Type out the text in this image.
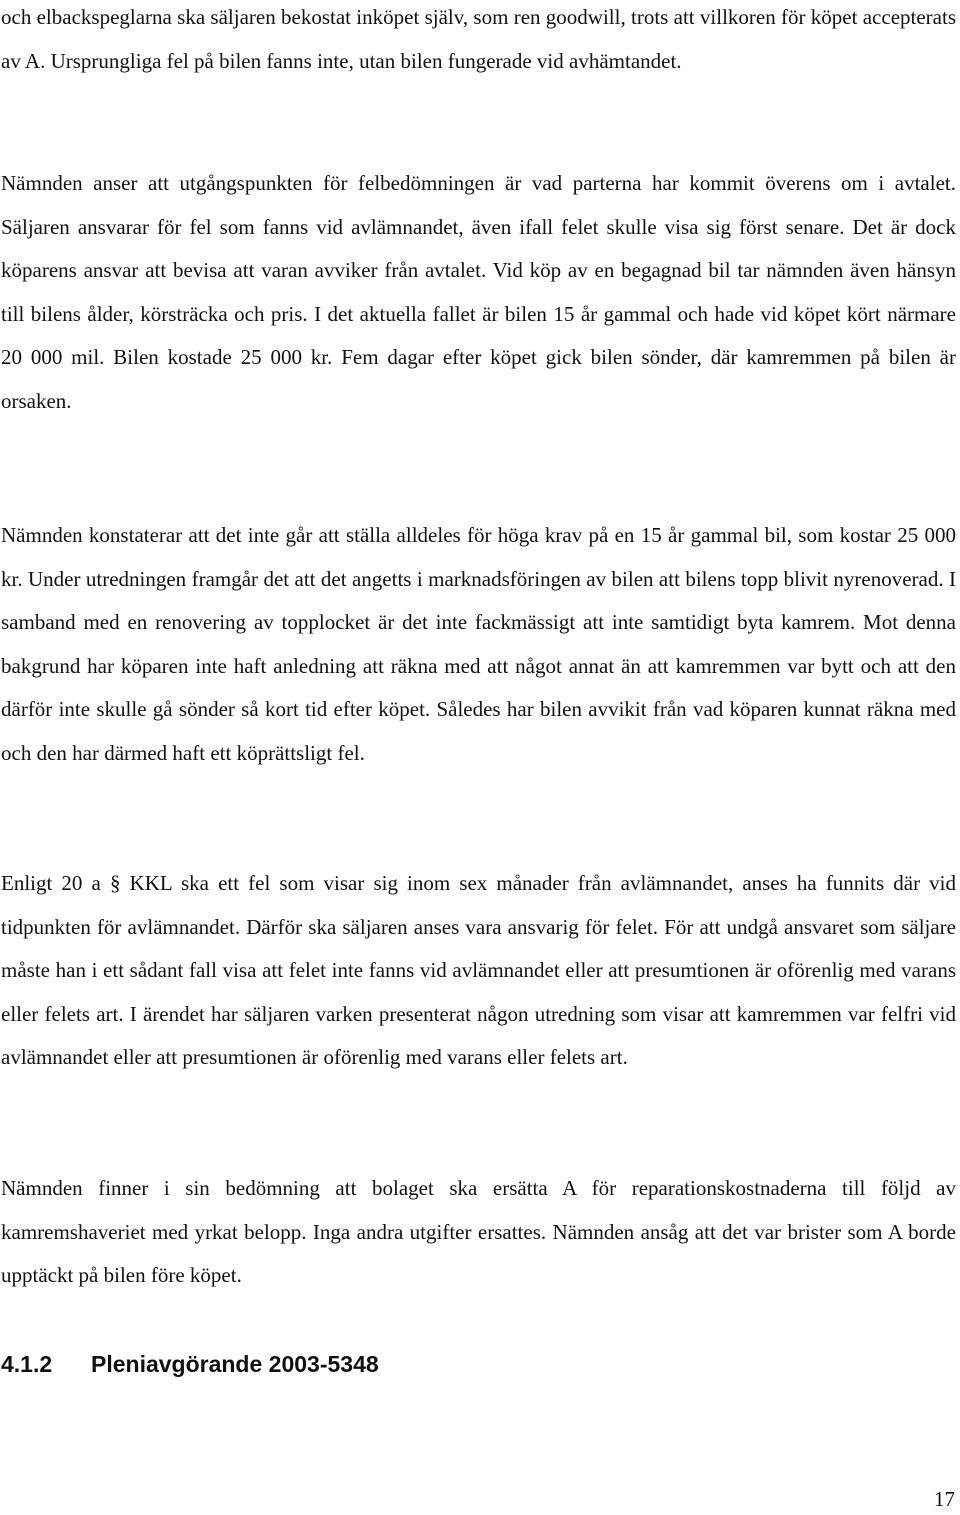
och elbackspeglarna ska säljaren bekostat inköpet själv, som ren goodwill, trots att villkoren för köpet accepterats av A. Ursprungliga fel på bilen fanns inte, utan bilen fungerade vid avhämtandet.

Nämnden anser att utgångspunkten för felbedömningen är vad parterna har kommit överens om i avtalet. Säljaren ansvarar för fel som fanns vid avlämnandet, även ifall felet skulle visa sig först senare. Det är dock köparens ansvar att bevisa att varan avviker från avtalet. Vid köp av en begagnad bil tar nämnden även hänsyn till bilens ålder, körsträcka och pris. I det aktuella fallet är bilen 15 år gammal och hade vid köpet kört närmare 20 000 mil. Bilen kostade 25 000 kr. Fem dagar efter köpet gick bilen sönder, där kamremmen på bilen är orsaken.

Nämnden konstaterar att det inte går att ställa alldeles för höga krav på en 15 år gammal bil, som kostar 25 000 kr. Under utredningen framgår det att det angetts i marknadsföringen av bilen att bilens topp blivit nyrenoverad. I samband med en renovering av topplocket är det inte fackmässigt att inte samtidigt byta kamrem. Mot denna bakgrund har köparen inte haft anledning att räkna med att något annat än att kamremmen var bytt och att den därför inte skulle gå sönder så kort tid efter köpet. Således har bilen avvikit från vad köparen kunnat räkna med och den har därmed haft ett köprättsligt fel.

Enligt 20 a § KKL ska ett fel som visar sig inom sex månader från avlämnandet, anses ha funnits där vid tidpunkten för avlämnandet. Därför ska säljaren anses vara ansvarig för felet. För att undgå ansvaret som säljare måste han i ett sådant fall visa att felet inte fanns vid avlämnandet eller att presumtionen är oförenlig med varans eller felets art. I ärendet har säljaren varken presenterat någon utredning som visar att kamremmen var felfri vid avlämnandet eller att presumtionen är oförenlig med varans eller felets art.

Nämnden finner i sin bedömning att bolaget ska ersätta A för reparationskostnaderna till följd av kamremshaveriet med yrkat belopp. Inga andra utgifter ersattes. Nämnden ansåg att det var brister som A borde upptäckt på bilen före köpet.

4.1.2 Pleniavgörande 2003-5348

17
